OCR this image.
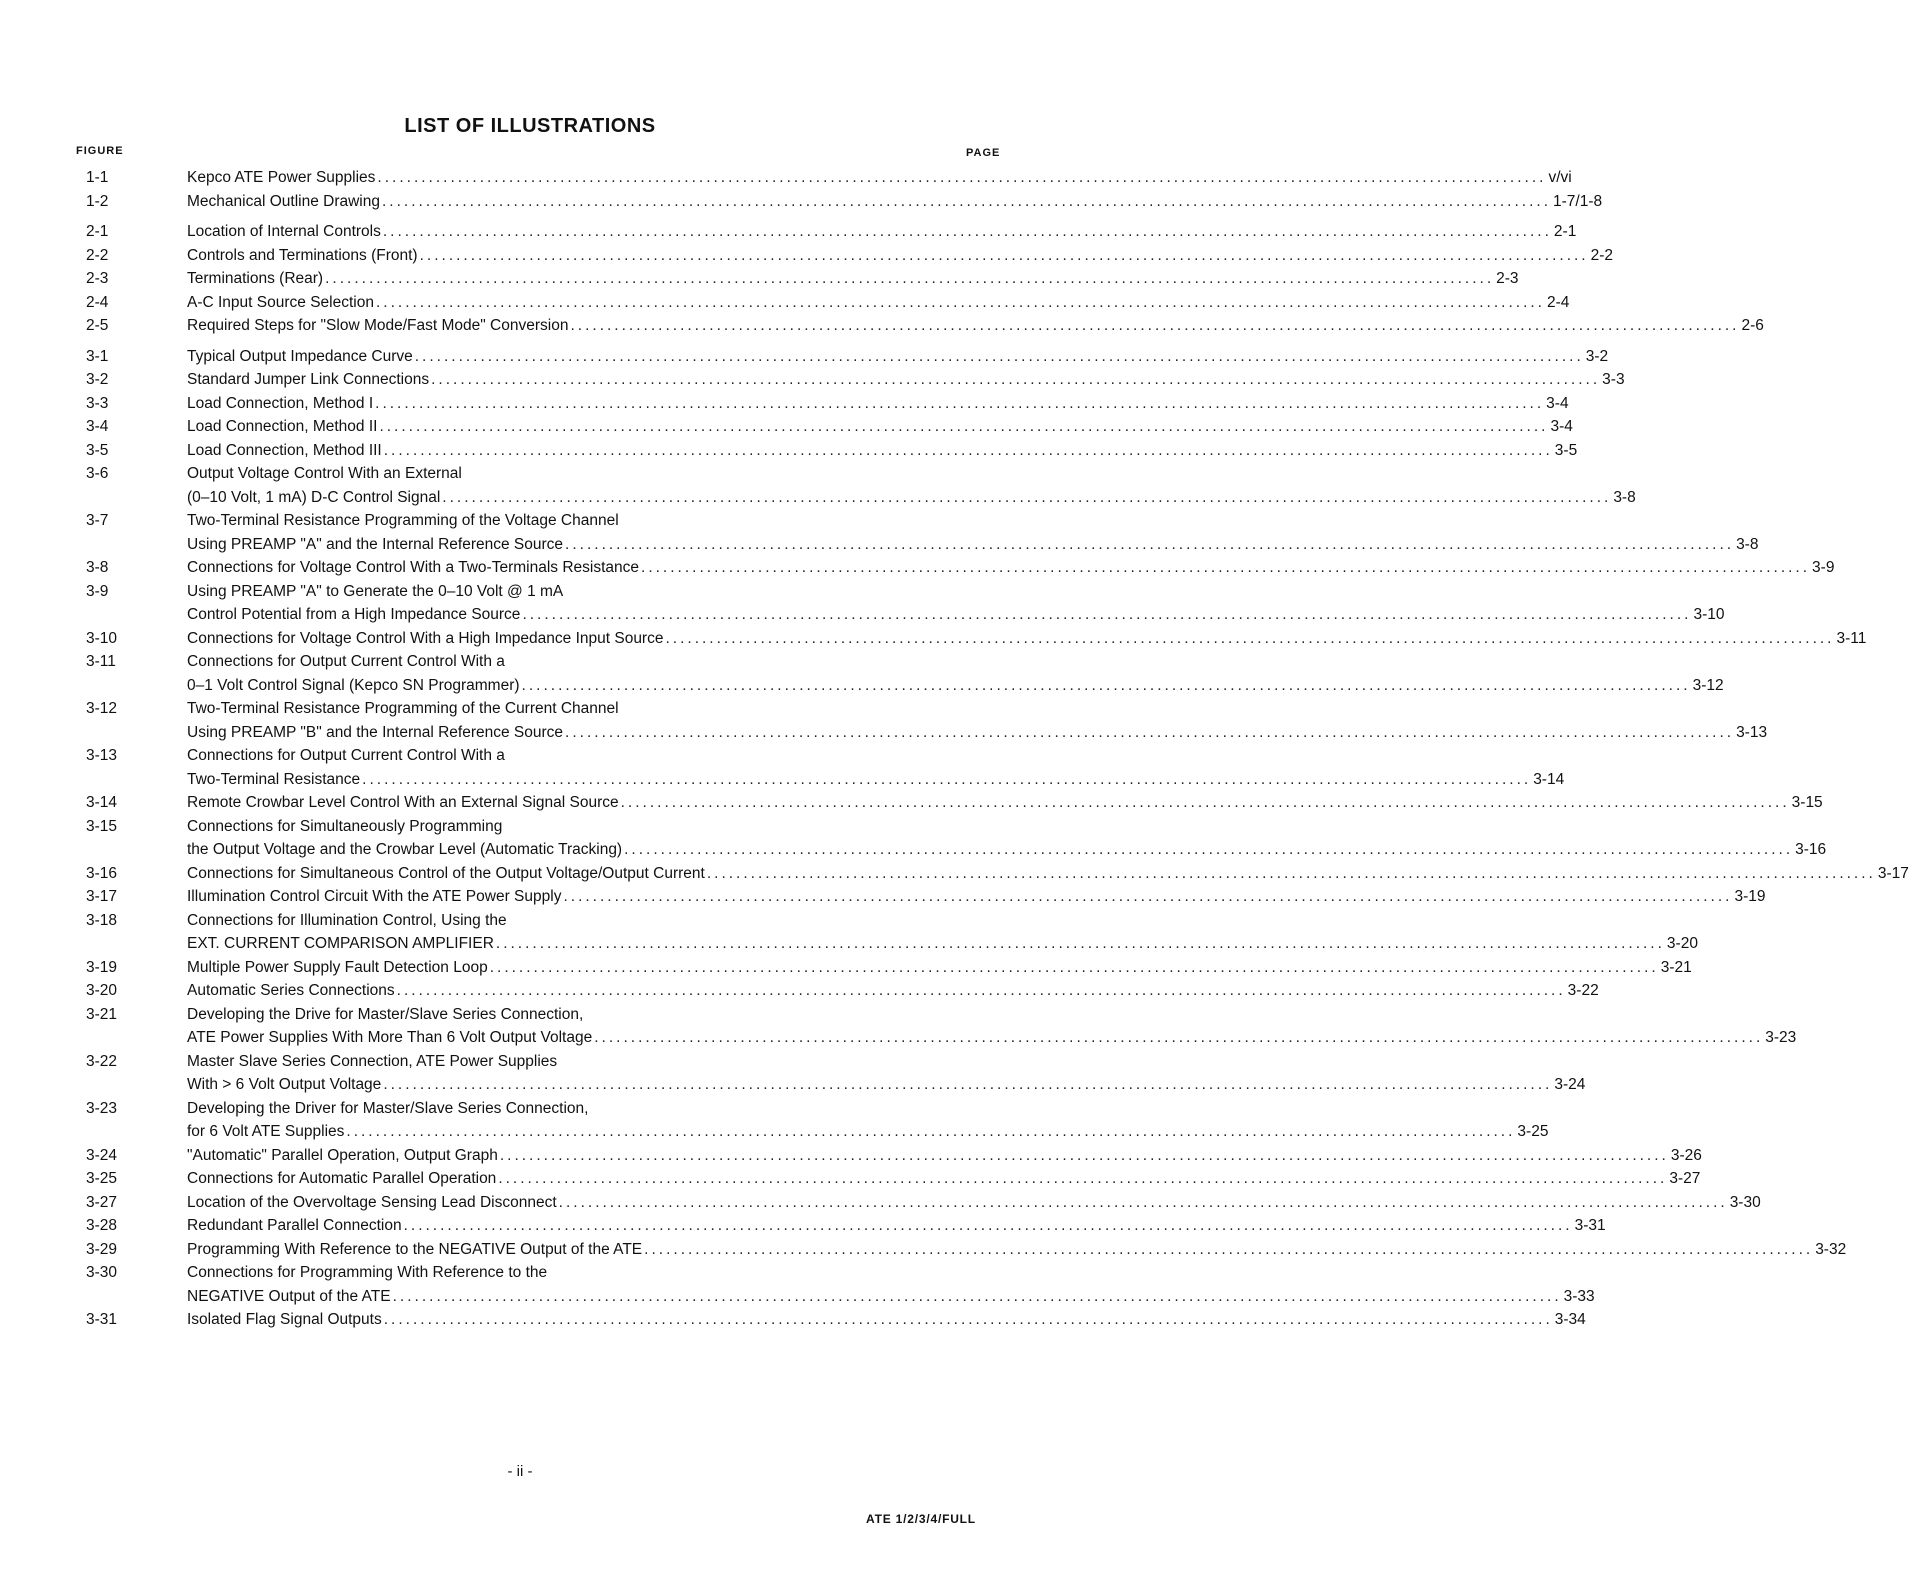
LIST OF ILLUSTRATIONS
FIGURE	PAGE
1-1	Kepco ATE Power Supplies ................................................................................................................................................................ v/vi
1-2	Mechanical Outline Drawing ................................................................................................................................................................ 1-7/1-8
2-1	Location of Internal Controls ................................................................................................................................................................ 2-1
2-2	Controls and Terminations (Front) ................................................................................................................................................................ 2-2
2-3	Terminations (Rear) ................................................................................................................................................................ 2-3
2-4	A-C Input Source Selection ................................................................................................................................................................ 2-4
2-5	Required Steps for "Slow Mode/Fast Mode" Conversion ................................................................................................................................................................ 2-6
3-1	Typical Output Impedance Curve ................................................................................................................................................................ 3-2
3-2	Standard Jumper Link Connections ................................................................................................................................................................ 3-3
3-3	Load Connection, Method I ................................................................................................................................................................ 3-4
3-4	Load Connection, Method II ................................................................................................................................................................ 3-4
3-5	Load Connection, Method III ................................................................................................................................................................ 3-5
3-6	Output Voltage Control With an External
(0–10 Volt, 1 mA) D-C Control Signal ................................................................................................................................................................ 3-8
3-7	Two-Terminal Resistance Programming of the Voltage Channel
Using PREAMP "A" and the Internal Reference Source ................................................................................................................................................................ 3-8
3-8	Connections for Voltage Control With a Two-Terminals Resistance ................................................................................................................................................................ 3-9
3-9	Using PREAMP "A" to Generate the 0–10 Volt @ 1 mA
Control Potential from a High Impedance Source ................................................................................................................................................................ 3-10
3-10	Connections for Voltage Control With a High Impedance Input Source ................................................................................................................................................................ 3-11
3-11	Connections for Output Current Control With a
0–1 Volt Control Signal (Kepco SN Programmer) ................................................................................................................................................................ 3-12
3-12	Two-Terminal Resistance Programming of the Current Channel
Using PREAMP "B" and the Internal Reference Source ................................................................................................................................................................ 3-13
3-13	Connections for Output Current Control With a
Two-Terminal Resistance ................................................................................................................................................................ 3-14
3-14	Remote Crowbar Level Control With an External Signal Source ................................................................................................................................................................ 3-15
3-15	Connections for Simultaneously Programming
the Output Voltage and the Crowbar Level (Automatic Tracking) ................................................................................................................................................................ 3-16
3-16	Connections for Simultaneous Control of the Output Voltage/Output Current ................................................................................................................................................................ 3-17
3-17	Illumination Control Circuit With the ATE Power Supply ................................................................................................................................................................ 3-19
3-18	Connections for Illumination Control, Using the
EXT. CURRENT COMPARISON AMPLIFIER ................................................................................................................................................................ 3-20
3-19	Multiple Power Supply Fault Detection Loop ................................................................................................................................................................ 3-21
3-20	Automatic Series Connections ................................................................................................................................................................ 3-22
3-21	Developing the Drive for Master/Slave Series Connection,
ATE Power Supplies With More Than 6 Volt Output Voltage ................................................................................................................................................................ 3-23
3-22	Master Slave Series Connection, ATE Power Supplies
With > 6 Volt Output Voltage ................................................................................................................................................................ 3-24
3-23	Developing the Driver for Master/Slave Series Connection,
for 6 Volt ATE Supplies ................................................................................................................................................................ 3-25
3-24	"Automatic" Parallel Operation, Output Graph ................................................................................................................................................................ 3-26
3-25	Connections for Automatic Parallel Operation ................................................................................................................................................................ 3-27
3-27	Location of the Overvoltage Sensing Lead Disconnect ................................................................................................................................................................ 3-30
3-28	Redundant Parallel Connection ................................................................................................................................................................ 3-31
3-29	Programming With Reference to the NEGATIVE Output of the ATE ................................................................................................................................................................ 3-32
3-30	Connections for Programming With Reference to the
NEGATIVE Output of the ATE ................................................................................................................................................................ 3-33
3-31	Isolated Flag Signal Outputs ................................................................................................................................................................ 3-34
- ii -
ATE 1/2/3/4/FULL
